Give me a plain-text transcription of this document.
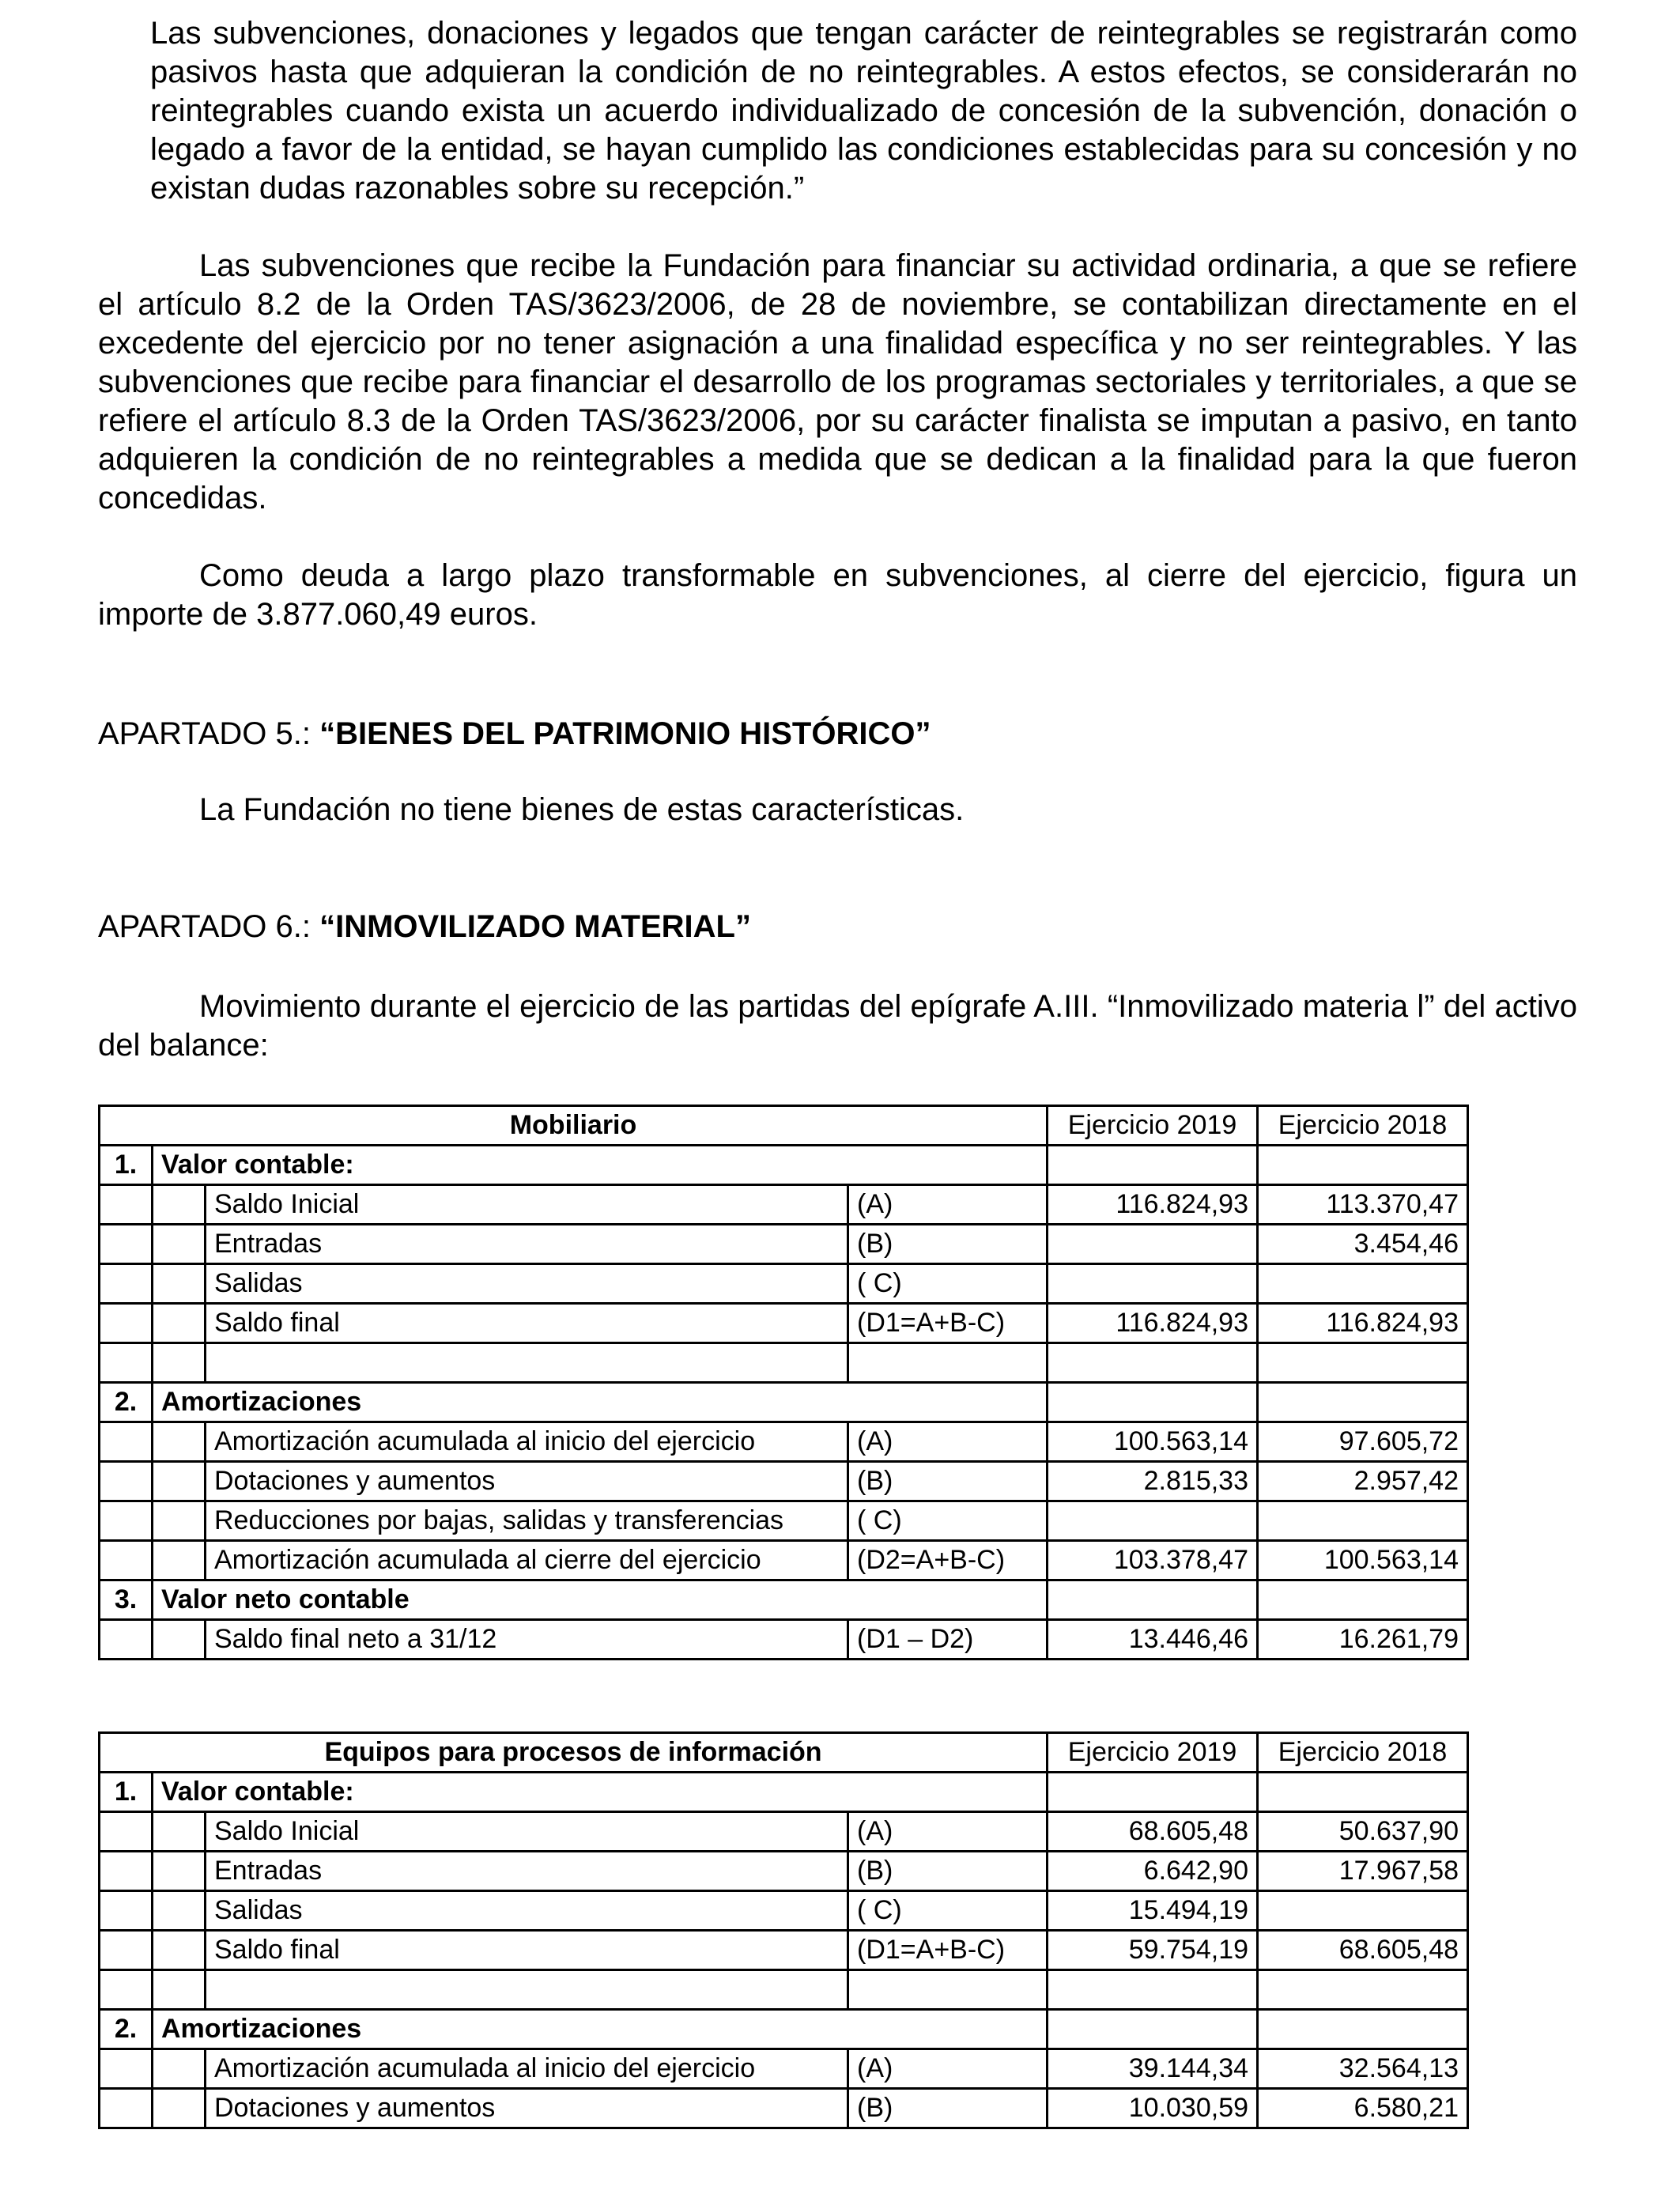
Las subvenciones, donaciones y legados que tengan carácter de reintegrables se registrarán como pasivos hasta que adquieran la condición de no reintegrables. A estos efectos, se considerarán no reintegrables cuando exista un acuerdo individualizado de concesión de la subvención, donación o legado a favor de la entidad, se hayan cumplido las condiciones establecidas para su concesión y no existan dudas razonables sobre su recepción.”

Las subvenciones que recibe la Fundación para financiar su actividad ordinaria, a que se refiere el artículo 8.2 de la Orden TAS/3623/2006, de 28 de noviembre, se contabilizan directamente en el excedente del ejercicio por no tener asignación a una finalidad específica y no ser reintegrables. Y las subvenciones que recibe para financiar el desarrollo de los programas sectoriales y territoriales, a que se refiere el artículo 8.3 de la Orden TAS/3623/2006, por su carácter finalista se imputan a pasivo, en tanto adquieren la condición de no reintegrables a medida que se dedican a la finalidad para la que fueron concedidas.

Como deuda a largo plazo transformable en subvenciones, al cierre del ejercicio, figura un importe de 3.877.060,49 euros.

APARTADO 5.: “BIENES DEL PATRIMONIO HISTÓRICO”

La Fundación no tiene bienes de estas características.

APARTADO 6.: “INMOVILIZADO MATERIAL”

Movimiento durante el ejercicio de las partidas del epígrafe A.III. “Inmovilizado materia l” del activo del balance:

Mobiliario				Ejercicio 2019	Ejercicio 2018
1.	Valor contable:				
		Saldo Inicial	(A)	116.824,93	113.370,47
		Entradas	(B)		3.454,46
		Salidas	( C)		
		Saldo final	(D1=A+B-C)	116.824,93	116.824,93

2.	Amortizaciones				
		Amortización acumulada al inicio del ejercicio	(A)	100.563,14	97.605,72
		Dotaciones y aumentos	(B)	2.815,33	2.957,42
		Reducciones por bajas, salidas y transferencias	( C)		
		Amortización acumulada al cierre del ejercicio	(D2=A+B-C)	103.378,47	100.563,14
3.	Valor neto contable				
		Saldo final neto a 31/12	(D1 – D2)	13.446,46	16.261,79
Equipos para procesos de información				Ejercicio 2019	Ejercicio 2018
1.	Valor contable:				
		Saldo Inicial	(A)	68.605,48	50.637,90
		Entradas	(B)	6.642,90	17.967,58
		Salidas	( C)	15.494,19	
		Saldo final	(D1=A+B-C)	59.754,19	68.605,48

2.	Amortizaciones				
		Amortización acumulada al inicio del ejercicio	(A)	39.144,34	32.564,13
		Dotaciones y aumentos	(B)	10.030,59	6.580,21
